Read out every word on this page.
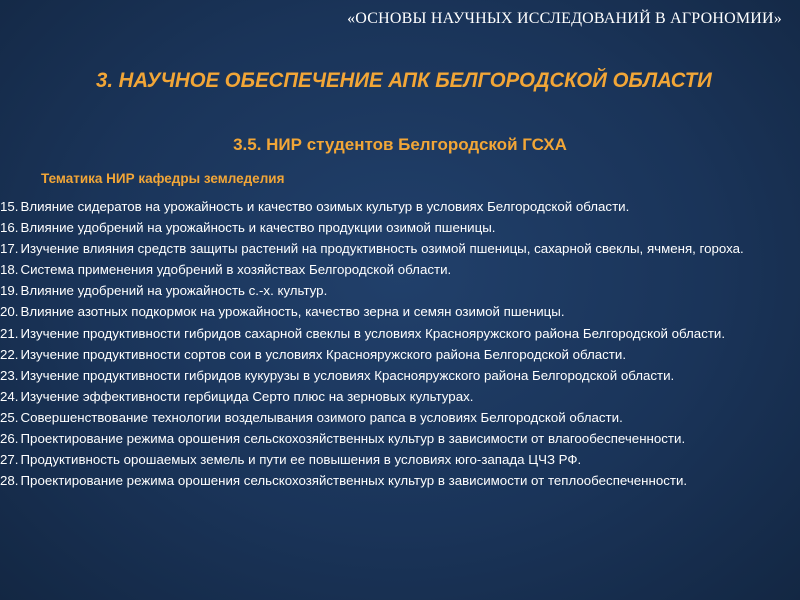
«ОСНОВЫ НАУЧНЫХ ИССЛЕДОВАНИЙ В АГРОНОМИИ»
3. НАУЧНОЕ ОБЕСПЕЧЕНИЕ АПК БЕЛГОРОДСКОЙ ОБЛАСТИ
3.5. НИР студентов Белгородской ГСХА
Тематика НИР кафедры земледелия
15. Влияние сидератов на урожайность и качество озимых культур в условиях Белгородской области.
16. Влияние удобрений на урожайность и качество продукции озимой пшеницы.
17. Изучение влияния средств защиты растений на продуктивность озимой пшеницы, сахарной свеклы, ячменя, гороха.
18. Система применения удобрений в хозяйствах Белгородской области.
19. Влияние удобрений на урожайность с.-х. культур.
20. Влияние азотных подкормок на урожайность, качество зерна и семян озимой пшеницы.
21. Изучение продуктивности гибридов сахарной свеклы в условиях Краснояружского района Белгородской области.
22. Изучение продуктивности сортов сои в условиях Краснояружского района Белгородской области.
23. Изучение продуктивности гибридов кукурузы в условиях Краснояружского района Белгородской области.
24. Изучение эффективности гербицида Серто плюс на зерновых культурах.
25. Совершенствование технологии возделывания озимого рапса в условиях Белгородской области.
26. Проектирование режима орошения сельскохозяйственных культур в зависимости от влагообеспеченности.
27. Продуктивность орошаемых земель и пути ее повышения в условиях юго-запада ЦЧЗ РФ.
28. Проектирование режима орошения сельскохозяйственных культур в зависимости от теплообеспеченности.
